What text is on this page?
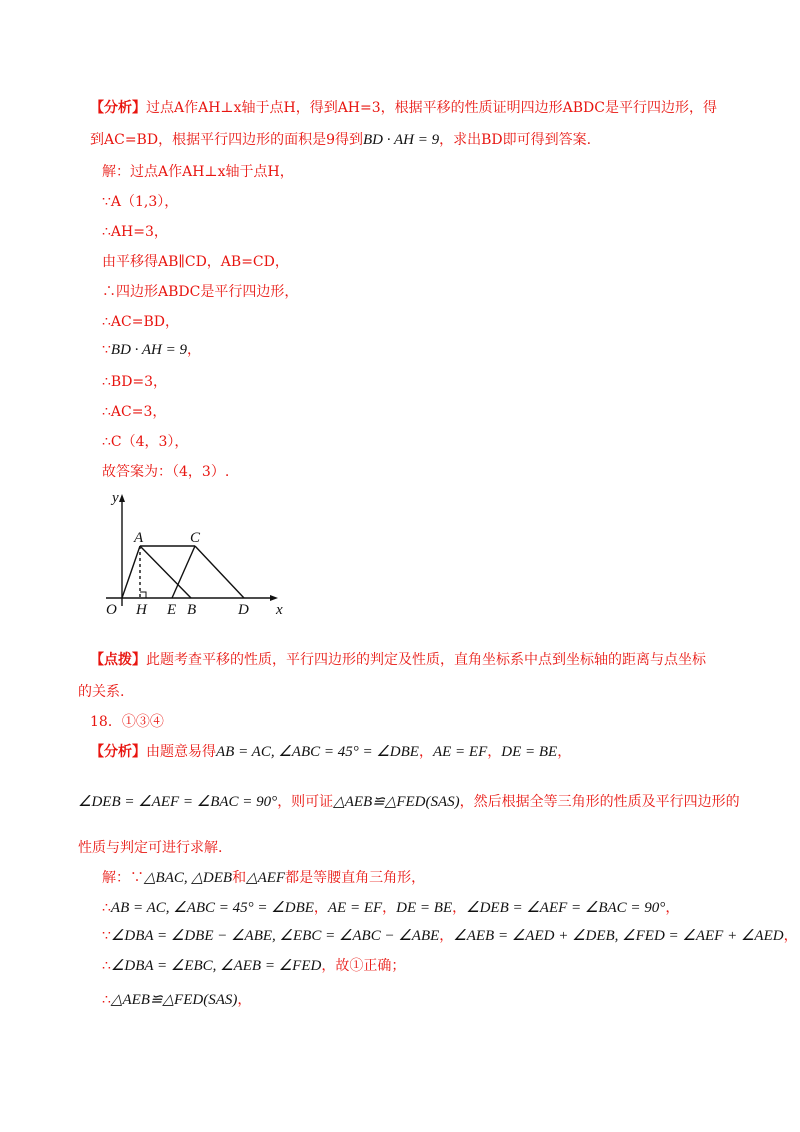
【分析】过点A作AH⊥x轴于点H，得到AH=3，根据平移的性质证明四边形ABDC是平行四边形，得
到AC=BD，根据平行四边形的面积是9得到BD · AH = 9，求出BD即可得到答案.
解：过点A作AH⊥x轴于点H，
∵A（1,3），
∴AH=3，
由平移得AB∥CD，AB=CD，
∴四边形ABDC是平行四边形，
∴AC=BD，
∵BD · AH = 9，
∴BD=3，
∴AC=3，
∴C（4，3），
故答案为：（4，3）.
y
x
O H
A	C
E B	D
【点拨】此题考查平移的性质，平行四边形的判定及性质，直角坐标系中点到坐标轴的距离与点坐标
的关系.
18．①③④
【分析】由题意易得AB = AC, ∠ABC = 45° = ∠DBE，AE = EF，DE = BE，
∠DEB = ∠AEF = ∠BAC = 90°，则可证△AEB≌△FED(SAS)，然后根据全等三角形的性质及平行四边形的
性质与判定可进行求解.
解：∵△BAC, △DEB和△AEF都是等腰直角三角形，
∴AB = AC, ∠ABC = 45° = ∠DBE，AE = EF，DE = BE，∠DEB = ∠AEF = ∠BAC = 90°，
∵∠DBA = ∠DBE − ∠ABE, ∠EBC = ∠ABC − ∠ABE，∠AEB = ∠AED + ∠DEB, ∠FED = ∠AEF + ∠AED，
∴∠DBA = ∠EBC, ∠AEB = ∠FED，故①正确；
∴△AEB≌△FED(SAS)，
